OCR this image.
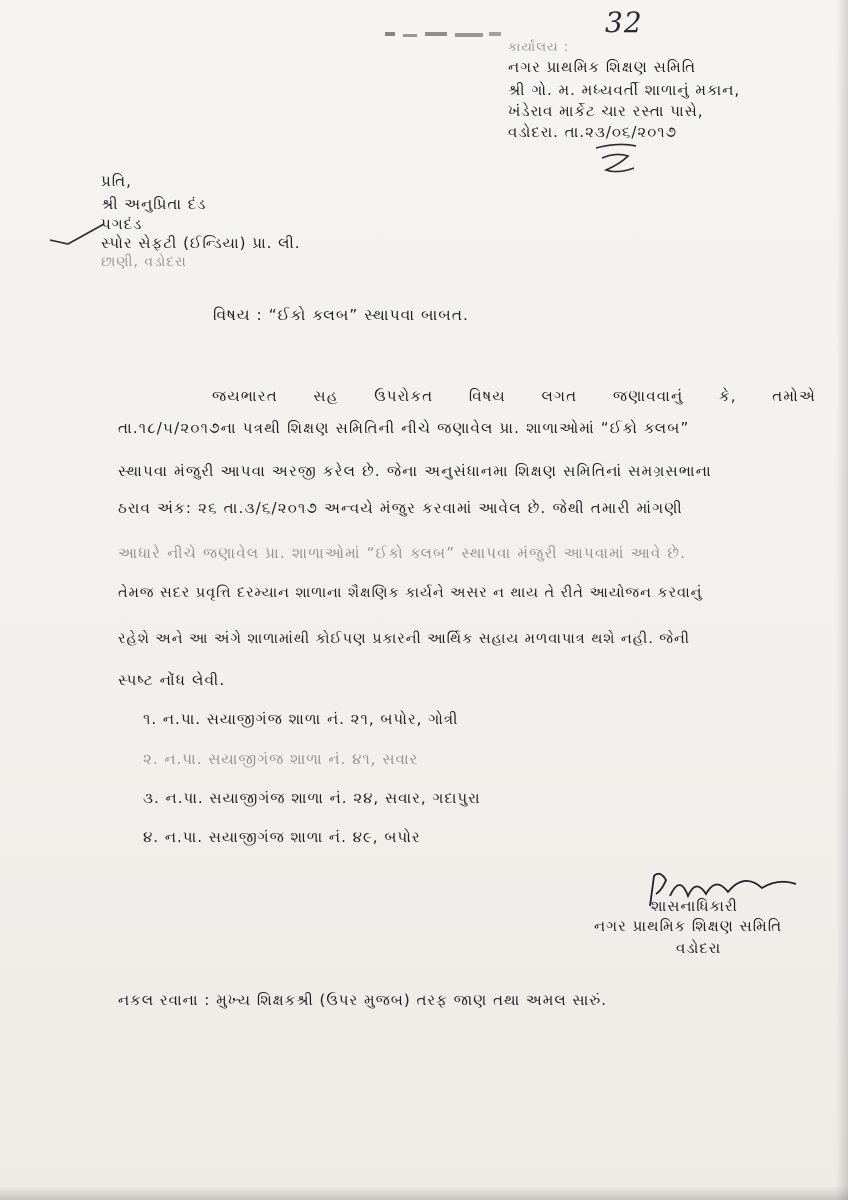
32
કાર્યાલય :
નગર પ્રાથમિક શિક્ષણ સમિતિ
શ્રી ગો. મ. મધ્યવર્તી શાળાનું મકાન,
ખંડેરાવ માર્કેટ ચાર રસ્તા પાસે,
વડોદરા. તા.૨૩/૦૬/૨૦૧૭
પ્રતિ,
શ્રી અનુપ્રિતા દંડ
પગદંડ
સ્પોર સેફટી (ઈન્ડિયા) પ્રા. લી.
છાણી, વડોદરા
વિષય : “ઈકો ક્લબ” સ્થાપવા બાબત.
જયભારત સહ ઉપરોકત વિષય લગત જણાવવાનું કે, તમોએ
તા.૧૮/૫/૨૦૧૭ના પત્રથી શિક્ષણ સમિતિની નીચે જણાવેલ પ્રા. શાળાઓમાં “ઈકો ક્લબ”
સ્થાપવા મંજુરી આપવા અરજી કરેલ છે. જેના અનુસંધાનમા શિક્ષણ સમિતિનાં સમગ્રસભાના
ઠરાવ અંક: ૨૬ તા.૩/૬/૨૦૧૭ અન્વયે મંજુર કરવામાં આવેલ છે. જેથી તમારી માંગણી
આધારે નીચે જણાવેલ પ્રા. શાળાઓમાં “ઈકો ક્લબ” સ્થાપવા મંજુરી આપવામાં આવે છે.
તેમજ સદર પ્રવૃત્તિ દરમ્યાન શાળાના શૈક્ષણિક કાર્યને અસર ન થાય તે રીતે આયોજન કરવાનું
રહેશે અને આ અંગે શાળામાંથી કોઈપણ પ્રકારની આર્થિક સહાય મળવાપાત્ર થશે નહી. જેની
સ્પષ્ટ નોંધ લેવી.
૧. ન.પા. સયાજીગંજ શાળા નં. ૨૧, બપોર, ગોત્રી
૨. ન.પા. સયાજીગંજ શાળા નં. ૪૧, સવાર
૩. ન.પા. સયાજીગંજ શાળા નં. ૨૪, સવાર, ગદાપુરા
૪. ન.પા. સયાજીગંજ શાળા નં. ૪૯, બપોર
શાસનાધિકારી
નગર પ્રાથમિક શિક્ષણ સમિતિ
વડોદરા
નકલ રવાના : મુખ્ય શિક્ષકશ્રી (ઉપર મુજબ) તરફ જાણ તથા અમલ સારું.
